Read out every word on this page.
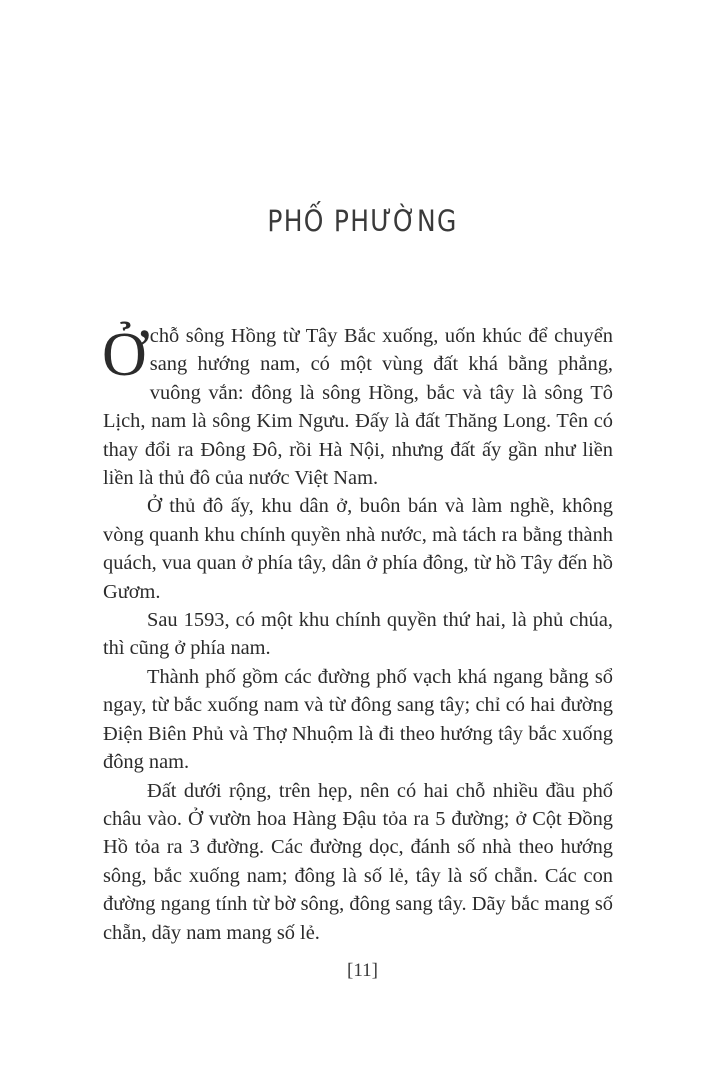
PHỐ PHƯỜNG

Ở chỗ sông Hồng từ Tây Bắc xuống, uốn khúc để chuyển sang hướng nam, có một vùng đất khá bằng phẳng, vuông vắn: đông là sông Hồng, bắc và tây là sông Tô Lịch, nam là sông Kim Ngưu. Đấy là đất Thăng Long. Tên có thay đổi ra Đông Đô, rồi Hà Nội, nhưng đất ấy gần như liền liền là thủ đô của nước Việt Nam.

Ở thủ đô ấy, khu dân ở, buôn bán và làm nghề, không vòng quanh khu chính quyền nhà nước, mà tách ra bằng thành quách, vua quan ở phía tây, dân ở phía đông, từ hồ Tây đến hồ Gươm.

Sau 1593, có một khu chính quyền thứ hai, là phủ chúa, thì cũng ở phía nam.

Thành phố gồm các đường phố vạch khá ngang bằng sổ ngay, từ bắc xuống nam và từ đông sang tây; chỉ có hai đường Điện Biên Phủ và Thợ Nhuộm là đi theo hướng tây bắc xuống đông nam.

Đất dưới rộng, trên hẹp, nên có hai chỗ nhiều đầu phố châu vào. Ở vườn hoa Hàng Đậu tỏa ra 5 đường; ở Cột Đồng Hồ tỏa ra 3 đường. Các đường dọc, đánh số nhà theo hướng sông, bắc xuống nam; đông là số lẻ, tây là số chẵn. Các con đường ngang tính từ bờ sông, đông sang tây. Dãy bắc mang số chẵn, dãy nam mang số lẻ.

[11]
